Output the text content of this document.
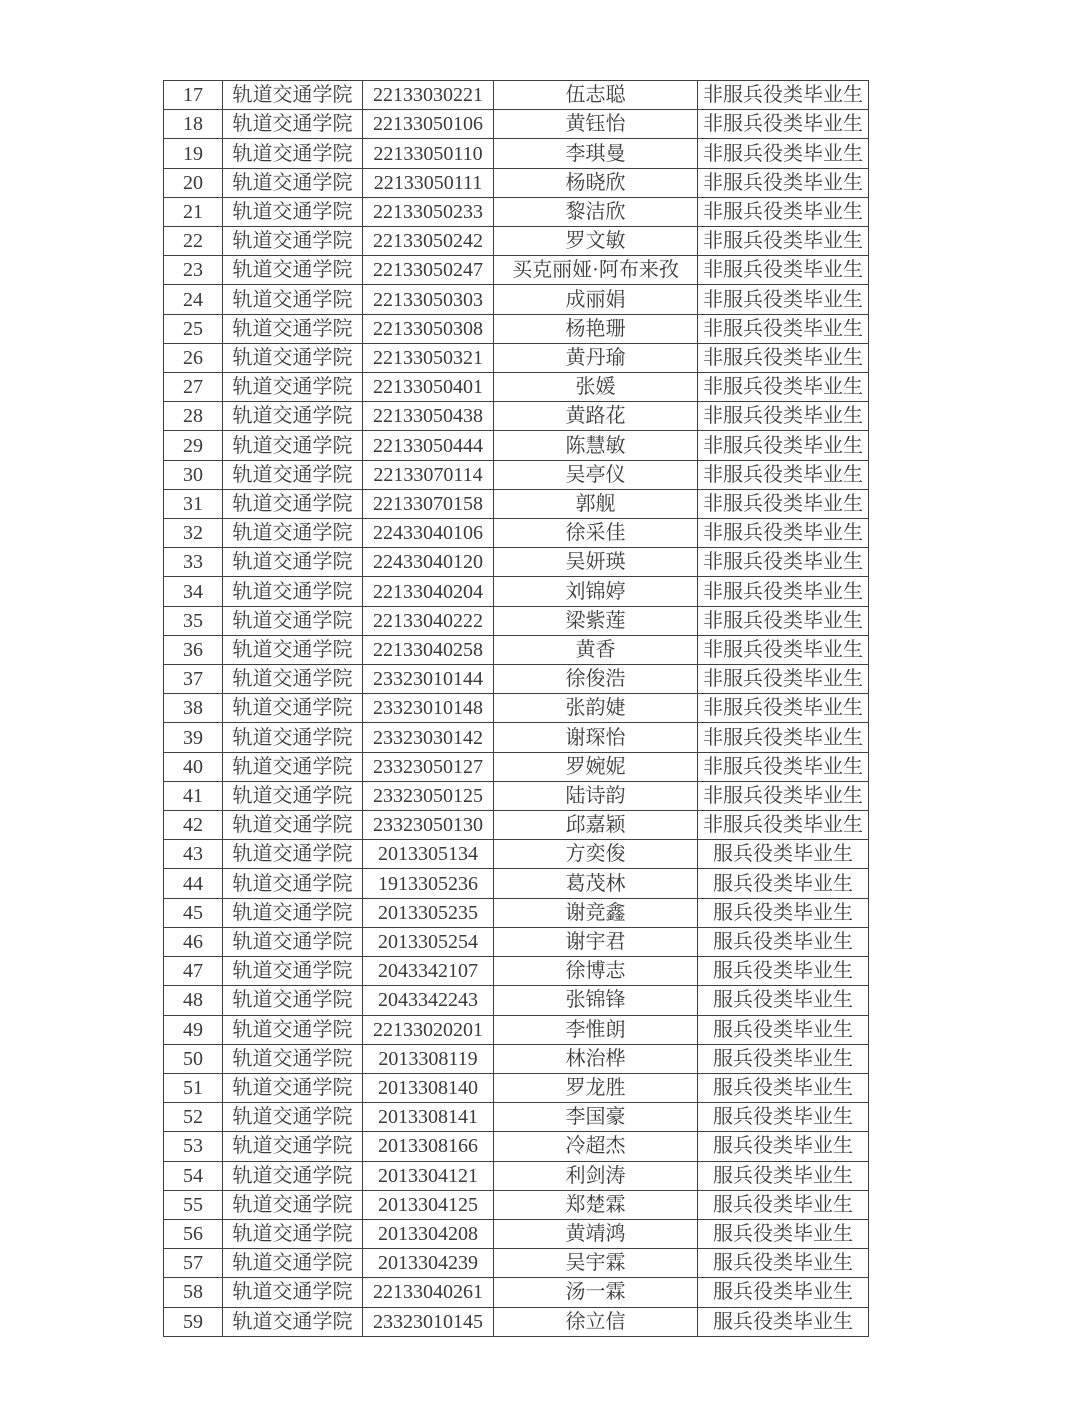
17	轨道交通学院	22133030221	伍志聪	非服兵役类毕业生
18	轨道交通学院	22133050106	黄钰怡	非服兵役类毕业生
19	轨道交通学院	22133050110	李琪曼	非服兵役类毕业生
20	轨道交通学院	22133050111	杨晓欣	非服兵役类毕业生
21	轨道交通学院	22133050233	黎洁欣	非服兵役类毕业生
22	轨道交通学院	22133050242	罗文敏	非服兵役类毕业生
23	轨道交通学院	22133050247	买克丽娅·阿布来孜	非服兵役类毕业生
24	轨道交通学院	22133050303	成丽娟	非服兵役类毕业生
25	轨道交通学院	22133050308	杨艳珊	非服兵役类毕业生
26	轨道交通学院	22133050321	黄丹瑜	非服兵役类毕业生
27	轨道交通学院	22133050401	张媛	非服兵役类毕业生
28	轨道交通学院	22133050438	黄路花	非服兵役类毕业生
29	轨道交通学院	22133050444	陈慧敏	非服兵役类毕业生
30	轨道交通学院	22133070114	吴亭仪	非服兵役类毕业生
31	轨道交通学院	22133070158	郭舰	非服兵役类毕业生
32	轨道交通学院	22433040106	徐采佳	非服兵役类毕业生
33	轨道交通学院	22433040120	吴妍瑛	非服兵役类毕业生
34	轨道交通学院	22133040204	刘锦婷	非服兵役类毕业生
35	轨道交通学院	22133040222	梁紫莲	非服兵役类毕业生
36	轨道交通学院	22133040258	黄香	非服兵役类毕业生
37	轨道交通学院	23323010144	徐俊浩	非服兵役类毕业生
38	轨道交通学院	23323010148	张韵婕	非服兵役类毕业生
39	轨道交通学院	23323030142	谢琛怡	非服兵役类毕业生
40	轨道交通学院	23323050127	罗婉妮	非服兵役类毕业生
41	轨道交通学院	23323050125	陆诗韵	非服兵役类毕业生
42	轨道交通学院	23323050130	邱嘉颖	非服兵役类毕业生
43	轨道交通学院	2013305134	方奕俊	服兵役类毕业生
44	轨道交通学院	1913305236	葛茂林	服兵役类毕业生
45	轨道交通学院	2013305235	谢竞鑫	服兵役类毕业生
46	轨道交通学院	2013305254	谢宇君	服兵役类毕业生
47	轨道交通学院	2043342107	徐博志	服兵役类毕业生
48	轨道交通学院	2043342243	张锦锋	服兵役类毕业生
49	轨道交通学院	22133020201	李惟朗	服兵役类毕业生
50	轨道交通学院	2013308119	林治桦	服兵役类毕业生
51	轨道交通学院	2013308140	罗龙胜	服兵役类毕业生
52	轨道交通学院	2013308141	李国豪	服兵役类毕业生
53	轨道交通学院	2013308166	冷超杰	服兵役类毕业生
54	轨道交通学院	2013304121	利剑涛	服兵役类毕业生
55	轨道交通学院	2013304125	郑楚霖	服兵役类毕业生
56	轨道交通学院	2013304208	黄靖鸿	服兵役类毕业生
57	轨道交通学院	2013304239	吴宇霖	服兵役类毕业生
58	轨道交通学院	22133040261	汤一霖	服兵役类毕业生
59	轨道交通学院	23323010145	徐立信	服兵役类毕业生
